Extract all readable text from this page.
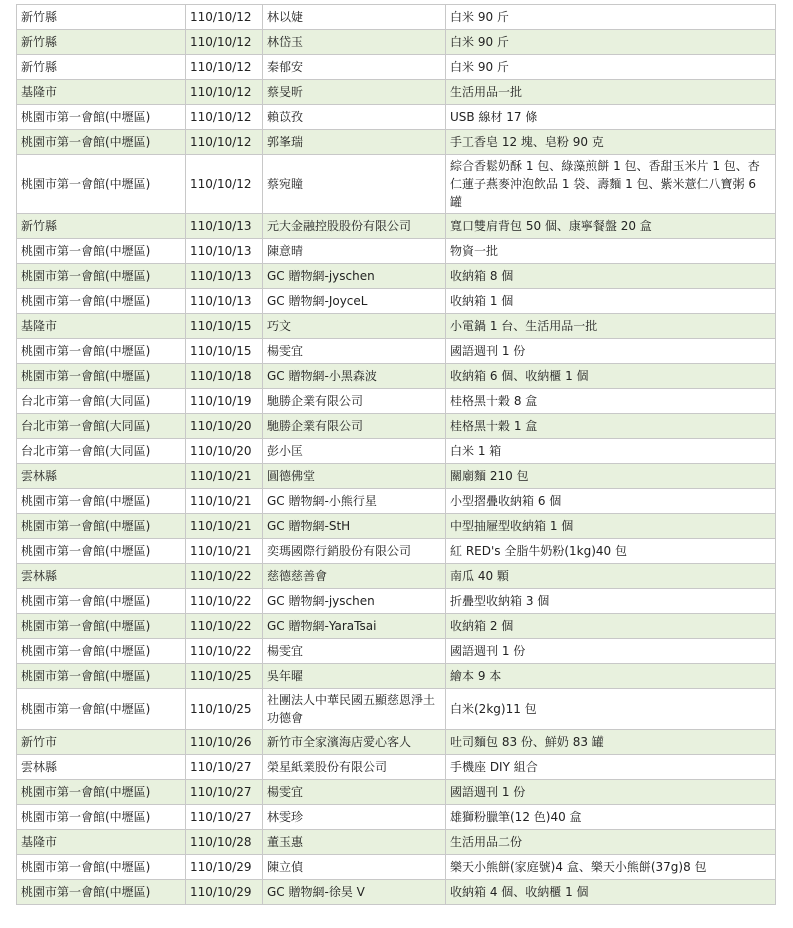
新竹縣	110/10/12	林以婕	白米 90 斤
新竹縣	110/10/12	林岱玉	白米 90 斤
新竹縣	110/10/12	秦郁安	白米 90 斤
基隆市	110/10/12	蔡旻昕	生活用品一批
桃園市第一會館(中壢區)	110/10/12	賴苡孜	USB 線材 17 條
桃園市第一會館(中壢區)	110/10/12	郭峯瑞	手工香皂 12 塊、皂粉 90 克
桃園市第一會館(中壢區)	110/10/12	蔡宛瞳	綜合香鬆奶酥 1 包、綠藻煎餅 1 包、香甜玉米片 1 包、杏仁蓮子燕麥沖泡飲品 1 袋、壽麵 1 包、紫米薏仁八寶粥 6 罐
新竹縣	110/10/13	元大金融控股股份有限公司	寬口雙肩背包 50 個、康寧餐盤 20 盒
桃園市第一會館(中壢區)	110/10/13	陳意晴	物資一批
桃園市第一會館(中壢區)	110/10/13	GC 贈物網-jyschen	收納箱 8 個
桃園市第一會館(中壢區)	110/10/13	GC 贈物網-JoyceL	收納箱 1 個
基隆市	110/10/15	巧文	小電鍋 1 台、生活用品一批
桃園市第一會館(中壢區)	110/10/15	楊雯宜	國語週刊 1 份
桃園市第一會館(中壢區)	110/10/18	GC 贈物網-小黑森波	收納箱 6 個、收納櫃 1 個
台北市第一會館(大同區)	110/10/19	馳勝企業有限公司	桂格黑十穀 8 盒
台北市第一會館(大同區)	110/10/20	馳勝企業有限公司	桂格黑十穀 1 盒
台北市第一會館(大同區)	110/10/20	彭小匡	白米 1 箱
雲林縣	110/10/21	圓德佛堂	關廟麵 210 包
桃園市第一會館(中壢區)	110/10/21	GC 贈物網-小熊行星	小型摺疊收納箱 6 個
桃園市第一會館(中壢區)	110/10/21	GC 贈物網-StH	中型抽屜型收納箱 1 個
桃園市第一會館(中壢區)	110/10/21	奕瑪國際行銷股份有限公司	紅 RED's 全脂牛奶粉(1kg)40 包
雲林縣	110/10/22	慈德慈善會	南瓜 40 顆
桃園市第一會館(中壢區)	110/10/22	GC 贈物網-jyschen	折疊型收納箱 3 個
桃園市第一會館(中壢區)	110/10/22	GC 贈物網-YaraTsai	收納箱 2 個
桃園市第一會館(中壢區)	110/10/22	楊雯宜	國語週刊 1 份
桃園市第一會館(中壢區)	110/10/25	吳年曜	繪本 9 本
桃園市第一會館(中壢區)	110/10/25	社團法人中華民國五顯慈恩淨土功德會	白米(2kg)11 包
新竹市	110/10/26	新竹市全家濱海店愛心客人	吐司麵包 83 份、鮮奶 83 罐
雲林縣	110/10/27	榮星紙業股份有限公司	手機座 DIY 組合
桃園市第一會館(中壢區)	110/10/27	楊雯宜	國語週刊 1 份
桃園市第一會館(中壢區)	110/10/27	林雯珍	雄獅粉臘筆(12 色)40 盒
基隆市	110/10/28	董玉惠	生活用品二份
桃園市第一會館(中壢區)	110/10/29	陳立偵	樂天小熊餅(家庭號)4 盒、樂天小熊餅(37g)8 包
桃園市第一會館(中壢區)	110/10/29	GC 贈物網-徐昊 V	收納箱 4 個、收納櫃 1 個
